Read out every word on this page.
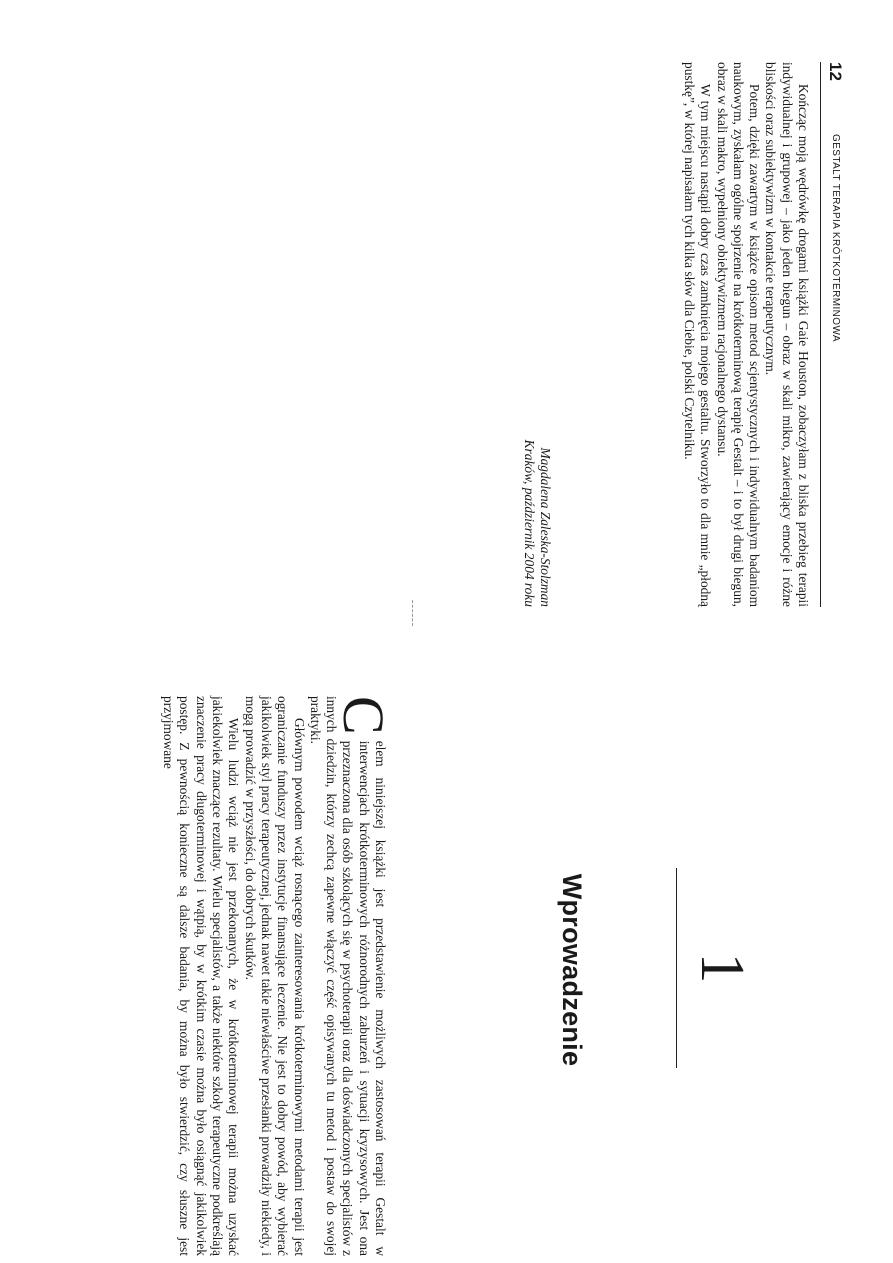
12
GESTALT TERAPIA KRÓTKOTERMINOWA

Kończąc moją wędrówkę drogami książki Gaie Houston, zobaczyłam z bliska przebieg terapii indywidualnej i grupowej – jako jeden biegun – obraz w skali mikro, zawierający emocje i różne bliskości oraz subiektywizm w kontakcie terapeutycznym.

Potem, dzięki zawartym w książce opisom metod scjentystycznych i indywidualnym badaniom naukowym, zyskałam ogólne spojrzenie na krótkoterminową terapię Gestalt – i to był drugi biegun, obraz w skali makro, wypełniony obiektywizmem racjonalnego dystansu.

W tym miejscu nastąpił dobry czas zamknięcia mojego gestaltu. Stworzyło to dla mnie „płodną pustkę”, w której napisałam tych kilka słów dla Ciebie, polski Czytelniku.

Magdalena Zaleska-Stolzman
Kraków, październik 2004 roku
1
Wprowadzenie

C
elem niniejszej książki jest przedstawienie możliwych zastosowań terapii Gestalt w interwencjach krótkoterminowych różnorodnych zaburzeń i sytuacji kryzysowych. Jest ona przeznaczona dla osób szkolących się w psychoterapii oraz dla doświadczonych specjalistów z innych dziedzin, którzy zechcą zapewne włączyć część opisywanych tu metod i postaw do swojej praktyki.

Głównym powodem wciąż rosnącego zainteresowania krótkoterminowymi metodami terapii jest ograniczanie funduszy przez instytucje finansujące leczenie. Nie jest to dobry powód, aby wybierać jakikolwiek styl pracy terapeutycznej, jednak nawet takie niewłaściwe przesłanki prowadziły niekiedy, i mogą prowadzić w przyszłości, do dobrych skutków.

Wielu ludzi wciąż nie jest przekonanych, że w krótkoterminowej terapii można uzyskać jakiekolwiek znaczące rezultaty. Wielu specjalistów, a także niektóre szkoły terapeutyczne podkreślają znaczenie pracy długoterminowej i wątpią, by w krótkim czasie można było osiągnąć jakikolwiek postęp. Z pewnością konieczne są dalsze badania, by można było stwierdzić, czy słuszne jest przyjmowane
